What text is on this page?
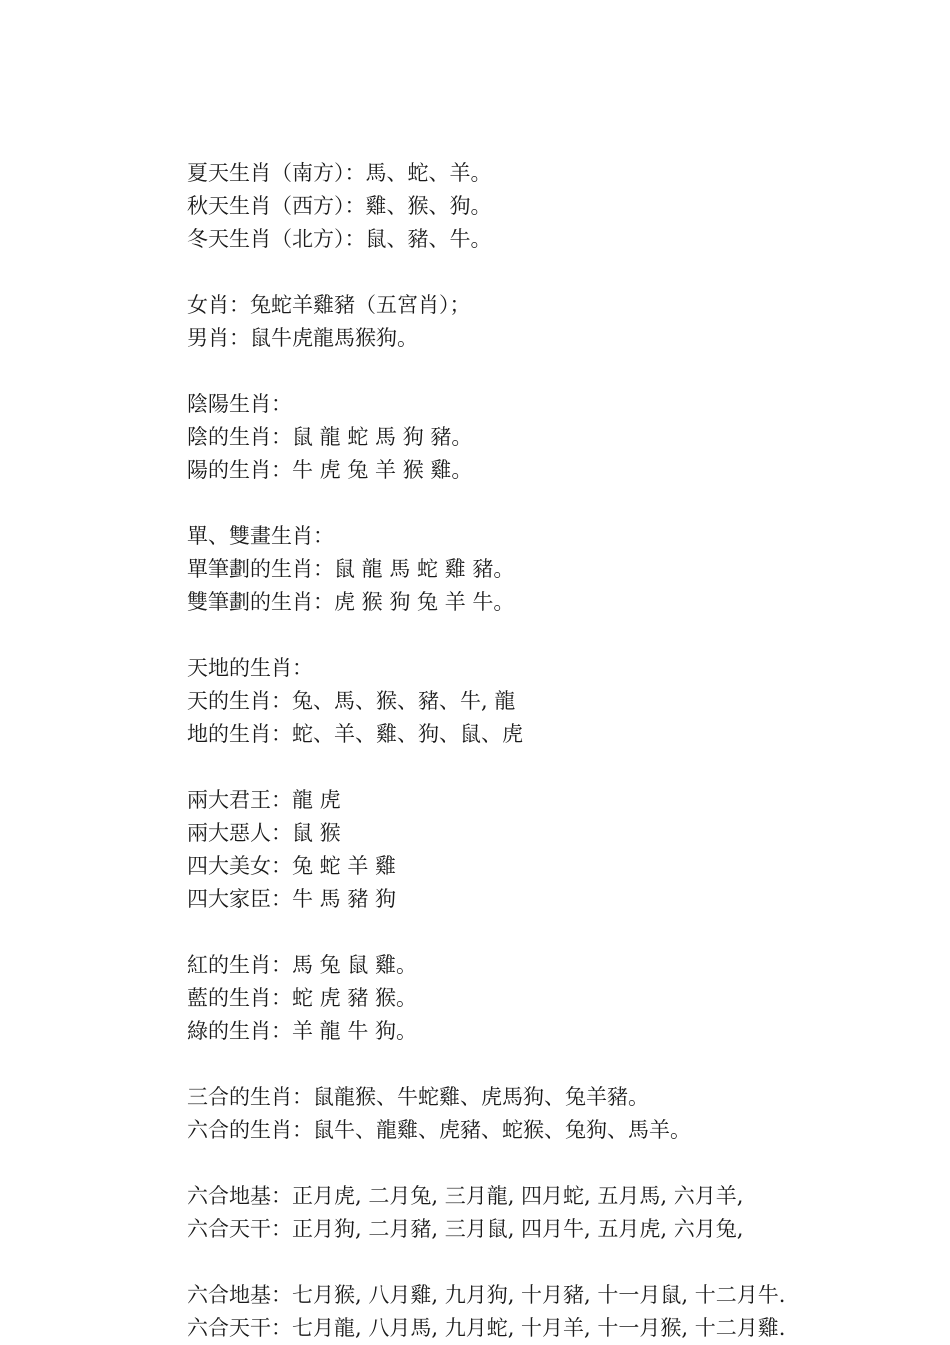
夏天生肖（南方）：馬、蛇、羊。
秋天生肖（西方）：雞、猴、狗。
冬天生肖（北方）：鼠、豬、牛。
女肖：兔蛇羊雞豬（五宮肖）；
男肖：鼠牛虎龍馬猴狗。
陰陽生肖：
陰的生肖：鼠 龍 蛇 馬 狗 豬。
陽的生肖：牛 虎 兔 羊 猴 雞。
單、雙畫生肖：
單筆劃的生肖：鼠 龍 馬 蛇 雞 豬。
雙筆劃的生肖：虎 猴 狗 兔 羊 牛。
天地的生肖：
天的生肖：兔、馬、猴、豬、牛, 龍
地的生肖：蛇、羊、雞、狗、鼠、虎
兩大君王：龍 虎
兩大惡人：鼠 猴
四大美女：兔 蛇 羊 雞
四大家臣：牛 馬 豬 狗
紅的生肖：馬 兔 鼠 雞。
藍的生肖：蛇 虎 豬 猴。
綠的生肖：羊 龍 牛 狗。
三合的生肖：鼠龍猴、牛蛇雞、虎馬狗、兔羊豬。
六合的生肖：鼠牛、龍雞、虎豬、蛇猴、兔狗、馬羊。
六合地基：正月虎, 二月兔, 三月龍, 四月蛇, 五月馬, 六月羊,
六合天干：正月狗, 二月豬, 三月鼠, 四月牛, 五月虎, 六月兔,
六合地基：七月猴, 八月雞, 九月狗, 十月豬, 十一月鼠, 十二月牛.
六合天干：七月龍, 八月馬, 九月蛇, 十月羊, 十一月猴, 十二月雞.
